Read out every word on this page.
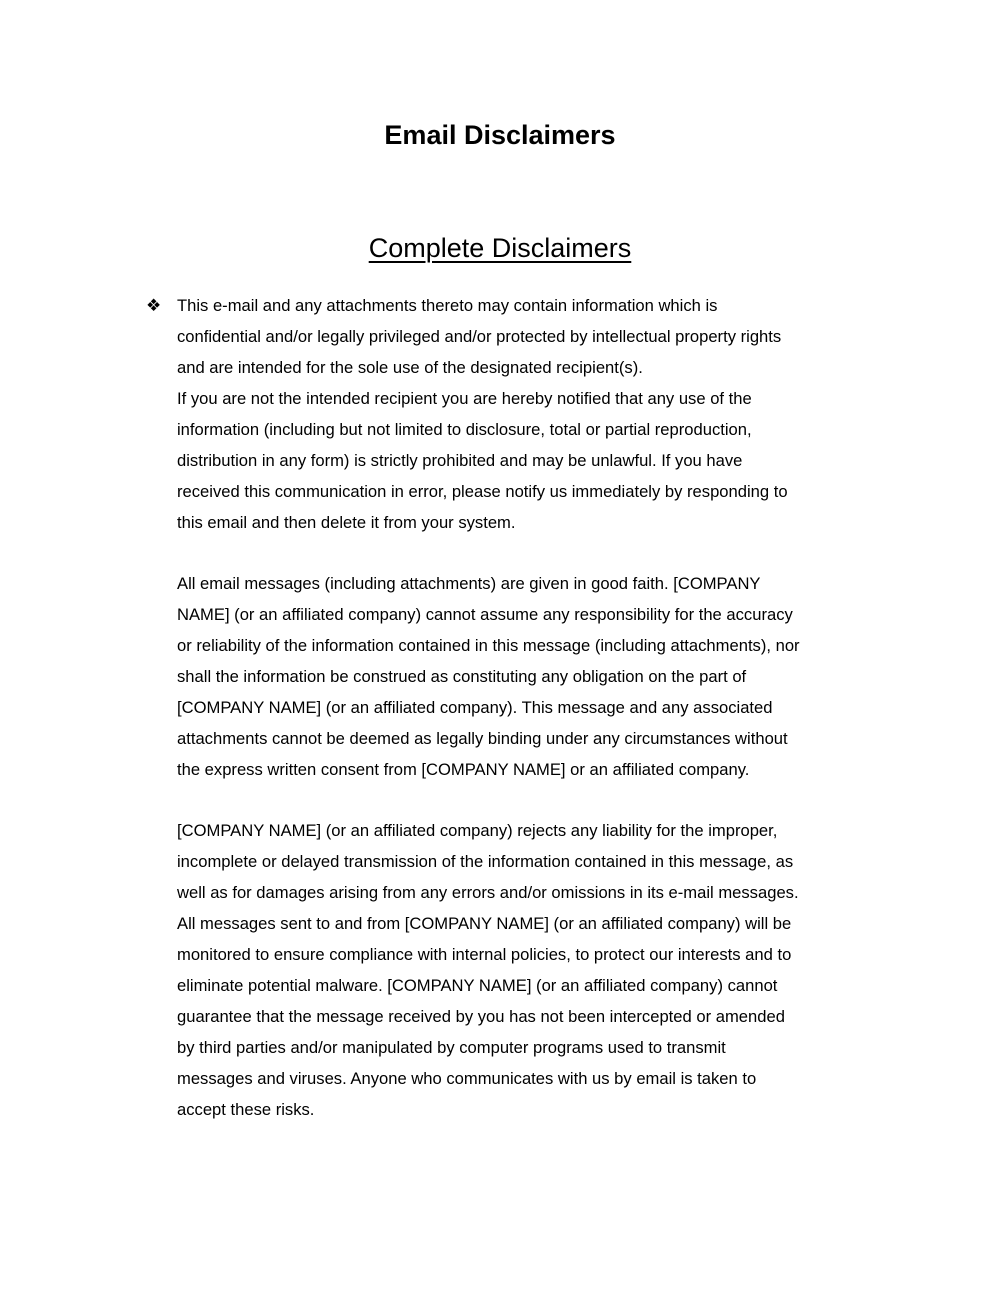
Email Disclaimers
Complete Disclaimers
❖ This e-mail and any attachments thereto may contain information which is
confidential and/or legally privileged and/or protected by intellectual property rights
and are intended for the sole use of the designated recipient(s).
If you are not the intended recipient you are hereby notified that any use of the
information (including but not limited to disclosure, total or partial reproduction,
distribution in any form) is strictly prohibited and may be unlawful. If you have
received this communication in error, please notify us immediately by responding to
this email and then delete it from your system.
All email messages (including attachments) are given in good faith. [COMPANY
NAME] (or an affiliated company) cannot assume any responsibility for the accuracy
or reliability of the information contained in this message (including attachments), nor
shall the information be construed as constituting any obligation on the part of
[COMPANY NAME] (or an affiliated company). This message and any associated
attachments cannot be deemed as legally binding under any circumstances without
the express written consent from [COMPANY NAME] or an affiliated company.
[COMPANY NAME] (or an affiliated company) rejects any liability for the improper,
incomplete or delayed transmission of the information contained in this message, as
well as for damages arising from any errors and/or omissions in its e-mail messages.
All messages sent to and from [COMPANY NAME] (or an affiliated company) will be
monitored to ensure compliance with internal policies, to protect our interests and to
eliminate potential malware. [COMPANY NAME] (or an affiliated company) cannot
guarantee that the message received by you has not been intercepted or amended
by third parties and/or manipulated by computer programs used to transmit
messages and viruses. Anyone who communicates with us by email is taken to
accept these risks.
